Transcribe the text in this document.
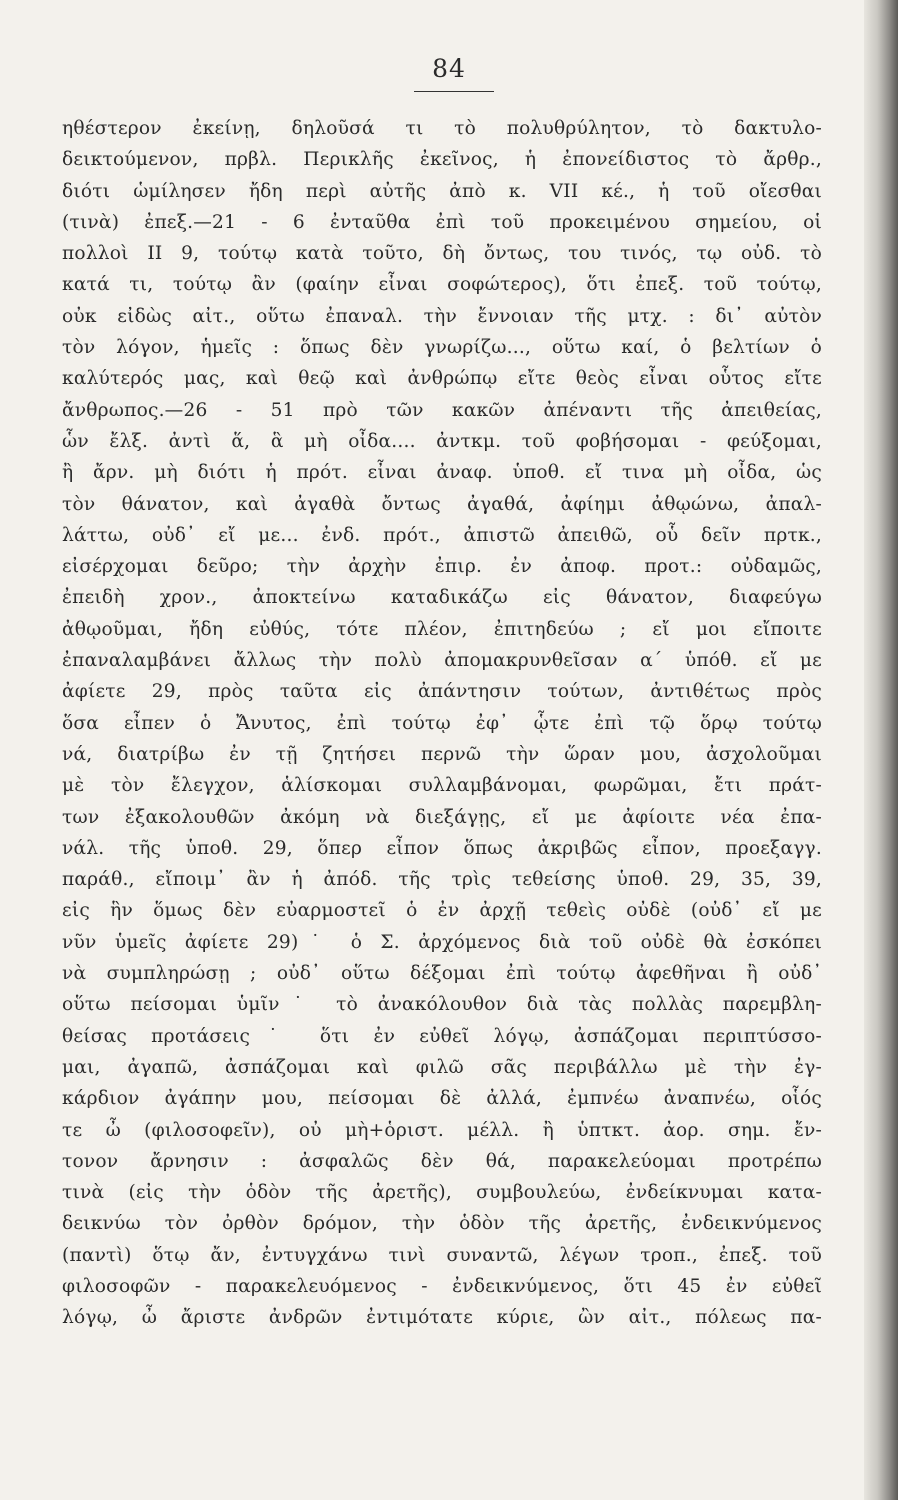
84
ηθέστερον ἐκείνῃ, δηλοῦσά τι τὸ πολυθρύλητον, τὸ δακτυλο-
δεικτούμενον, πρβλ. Περικλῆς ἐκεῖνος, ἡ ἐπονείδιστος τὸ ἄρθρ.,
διότι ὡμίλησεν ἤδη περὶ αὐτῆς ἀπὸ κ. VII κέ., ἡ τοῦ οἴεσθαι
(τινὰ) ἐπεξ.—21 - 6 ἐνταῦθα ἐπὶ τοῦ προκειμένου σημείου, οἱ
πολλοὶ II 9, τούτῳ κατὰ τοῦτο, δὴ ὄντως, του τινός, τῳ οὐδ. τὸ
κατά τι, τούτῳ ἂν (φαίην εἶναι σοφώτερος), ὅτι ἐπεξ. τοῦ τούτῳ,
οὐκ εἰδὼς αἰτ., οὕτω ἐπαναλ. τὴν ἔννοιαν τῆς μτχ. : δι᾿ αὐτὸν
τὸν λόγον, ἡμεῖς : ὅπως δὲν γνωρίζω..., οὕτω καί, ὁ βελτίων ὁ
καλύτερός μας, καὶ θεῷ καὶ ἀνθρώπῳ εἴτε θεὸς εἶναι οὗτος εἴτε
ἄνθρωπος.—26 - 51 πρὸ τῶν κακῶν ἀπέναντι τῆς ἀπειθείας,
ὧν ἔλξ. ἀντὶ ἅ, ἃ μὴ οἶδα.... ἀντκμ. τοῦ φοβήσομαι - φεύξομαι,
ἢ ἄρν. μὴ διότι ἡ πρότ. εἶναι ἀναφ. ὑποθ. εἴ τινα μὴ οἶδα, ὡς
τὸν θάνατον, καὶ ἀγαθὰ ὄντως ἀγαθά, ἀφίημι ἀθῳώνω, ἀπαλ-
λάττω, οὐδ᾿ εἴ με... ἐνδ. πρότ., ἀπιστῶ ἀπειθῶ, οὗ δεῖν πρτκ.,
εἰσέρχομαι δεῦρο; τὴν ἀρχὴν ἐπιρ. ἐν ἀποφ. προτ.: οὐδαμῶς,
ἐπειδὴ χρον., ἀποκτείνω καταδικάζω εἰς θάνατον, διαφεύγω
ἀθῳοῦμαι, ἤδη εὐθύς, τότε πλέον, ἐπιτηδεύω ; εἴ μοι εἴποιτε
ἐπαναλαμβάνει ἄλλως τὴν πολὺ ἀπομακρυνθεῖσαν α΄ ὑπόθ. εἴ με
ἀφίετε 29, πρὸς ταῦτα εἰς ἀπάντησιν τούτων, ἀντιθέτως πρὸς
ὅσα εἶπεν ὁ Ἄνυτος, ἐπὶ τούτῳ ἐφ᾿ ᾧτε ἐπὶ τῷ ὅρῳ τούτῳ
νά, διατρίβω ἐν τῇ ζητήσει περνῶ τὴν ὥραν μου, ἀσχολοῦμαι
μὲ τὸν ἔλεγχον, ἁλίσκομαι συλλαμβάνομαι, φωρῶμαι, ἔτι πράτ-
των ἐξακολουθῶν ἀκόμη νὰ διεξάγῃς, εἴ με ἀφίοιτε νέα ἐπα-
νάλ. τῆς ὑποθ. 29, ὅπερ εἶπον ὅπως ἀκριβῶς εἶπον, προεξαγγ.
παράθ., εἴποιμ᾿ ἂν ἡ ἀπόδ. τῆς τρὶς τεθείσης ὑποθ. 29, 35, 39,
εἰς ἣν ὅμως δὲν εὐαρμοστεῖ ὁ ἐν ἀρχῇ τεθεὶς οὐδὲ (οὐδ᾿ εἴ με
νῦν ὑμεῖς ἀφίετε 29)˙ ὁ Σ. ἀρχόμενος διὰ τοῦ οὐδὲ θὰ ἐσκόπει
νὰ συμπληρώσῃ ; οὐδ᾿ οὕτω δέξομαι ἐπὶ τούτῳ ἀφεθῆναι ἢ οὐδ᾿
οὕτω πείσομαι ὑμῖν˙ τὸ ἀνακόλουθον διὰ τὰς πολλὰς παρεμβλη-
θείσας προτάσεις˙ ὅτι ἐν εὐθεῖ λόγῳ, ἀσπάζομαι περιπτύσσο-
μαι, ἀγαπῶ, ἀσπάζομαι καὶ φιλῶ σᾶς περιβάλλω μὲ τὴν ἐγ-
κάρδιον ἀγάπην μου, πείσομαι δὲ ἀλλά, ἐμπνέω ἀναπνέω, οἷός
τε ὦ (φιλοσοφεῖν), οὐ μὴ+ὁριστ. μέλλ. ἢ ὑπτκτ. ἀορ. σημ. ἔν-
τονον ἄρνησιν : ἀσφαλῶς δὲν θά, παρακελεύομαι προτρέπω
τινὰ (εἰς τὴν ὁδὸν τῆς ἀρετῆς), συμβουλεύω, ἐνδείκνυμαι κατα-
δεικνύω τὸν ὀρθὸν δρόμον, τὴν ὁδὸν τῆς ἀρετῆς, ἐνδεικνύμενος
(παντὶ) ὅτῳ ἄν, ἐντυγχάνω τινὶ συναντῶ, λέγων τροπ., ἐπεξ. τοῦ
φιλοσοφῶν - παρακελευόμενος - ἐνδεικνύμενος, ὅτι 45 ἐν εὐθεῖ
λόγῳ, ὦ ἄριστε ἀνδρῶν ἐντιμότατε κύριε, ὢν αἰτ., πόλεως πα-
